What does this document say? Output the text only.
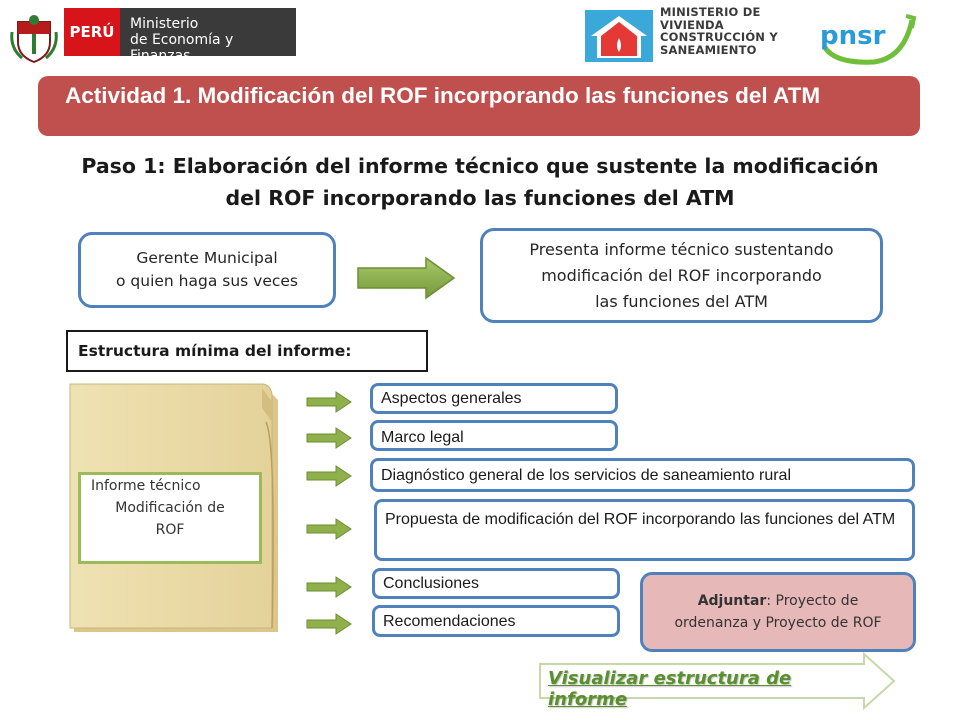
PERÚ	Ministerio
de Economía y Finanzas
MINISTERIO DE
VIVIENDA
CONSTRUCCIÓN Y
SANEAMIENTO	pnsr
Actividad 1. Modificación del ROF incorporando las funciones del ATM
Paso 1: Elaboración del informe técnico que sustente la modificación
del ROF incorporando las funciones del ATM
Gerente Municipal
o quien haga sus veces
Presenta informe técnico sustentando
modificación del ROF incorporando
las funciones del ATM
Estructura mínima del informe:
Informe técnico
Modificación de
ROF
Aspectos generales
Marco legal
Diagnóstico general de los servicios de saneamiento rural
Propuesta de modificación del ROF incorporando las funciones del ATM
Conclusiones
Recomendaciones
Adjuntar: Proyecto de
ordenanza y Proyecto de ROF
Visualizar estructura de informe
